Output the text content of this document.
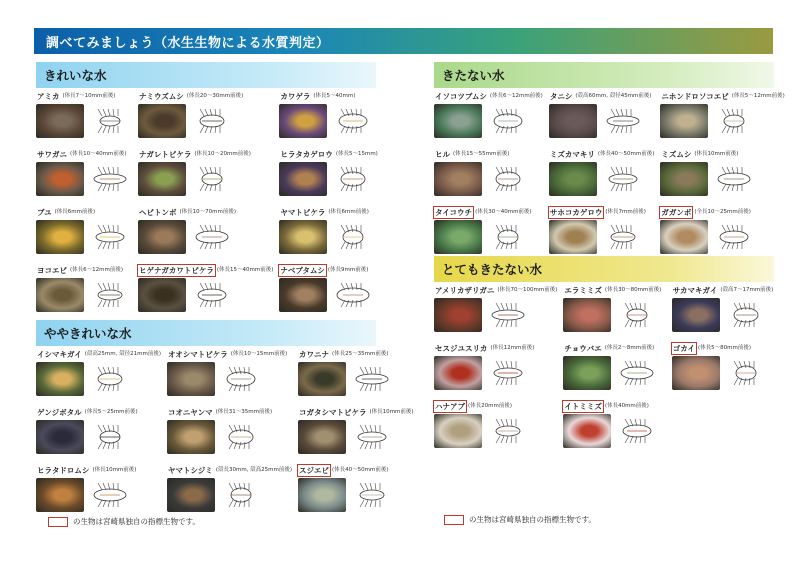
調べてみましょう（水生生物による水質判定）
きれいな水
アミカ (体長7〜10mm前後)	ナミウズムシ (体長20〜30mm前後)	カワゲラ (体長5〜40mm)
サワガニ (体長10〜40mm前後) ナガレトビケラ (体長10〜20mm前後)	ヒラタカゲロウ (体長5〜15mm)
ブユ (体長6mm前後)	ヘビトンボ (体長10〜70mm前後)	ヤマトビケラ (体長6mm前後)
ヨコエビ (体長6〜12mm前後) ヒゲナガカワトビケラ (体長15〜40mm前後) ナベブタムシ (体長9mm前後)
ややきれいな水
イシマキガイ (殻高25mm, 殻径21mm前後) オオシマトビケラ (体長10〜15mm前後) カワニナ (体長25〜35mm前後)
ゲンジボタル (体長5〜25mm前後)	コオニヤンマ (体長31〜35mm前後)	コガタシマトビケラ (体長10mm前後)
ヒラタドロムシ (体長10mm前後)	ヤマトシジミ (殻長30mm, 殻高25mm前後) スジエビ (体長40〜50mm前後)
きたない水
イソコツブムシ (体長6〜12mm前後) タニシ (殻高60mm, 殻径45mm前後) ニホンドロソコエビ (体長5〜12mm前後)
ヒル (体長15〜55mm前後)	ミズカマキリ (体長40〜50mm前後) ミズムシ (体長10mm前後)
タイコウチ (体長30〜40mm前後) サホコカゲロウ (体長7mm前後) ガガンボ (全長10〜25mm前後)
とてもきたない水
アメリカザリガニ (体長70〜100mm前後) エラミミズ (体長30〜80mm前後) サカマキガイ (殻高7〜17mm前後)
セスジユスリカ (体長12mm前後)	チョウバエ (体長2〜8mm前後) ゴカイ (体長5〜80mm前後)
ハナアブ (体長20mm前後)	イトミミズ (体長40mm前後)
の生物は宮崎県独自の指標生物です。	の生物は宮崎県独自の指標生物です。
